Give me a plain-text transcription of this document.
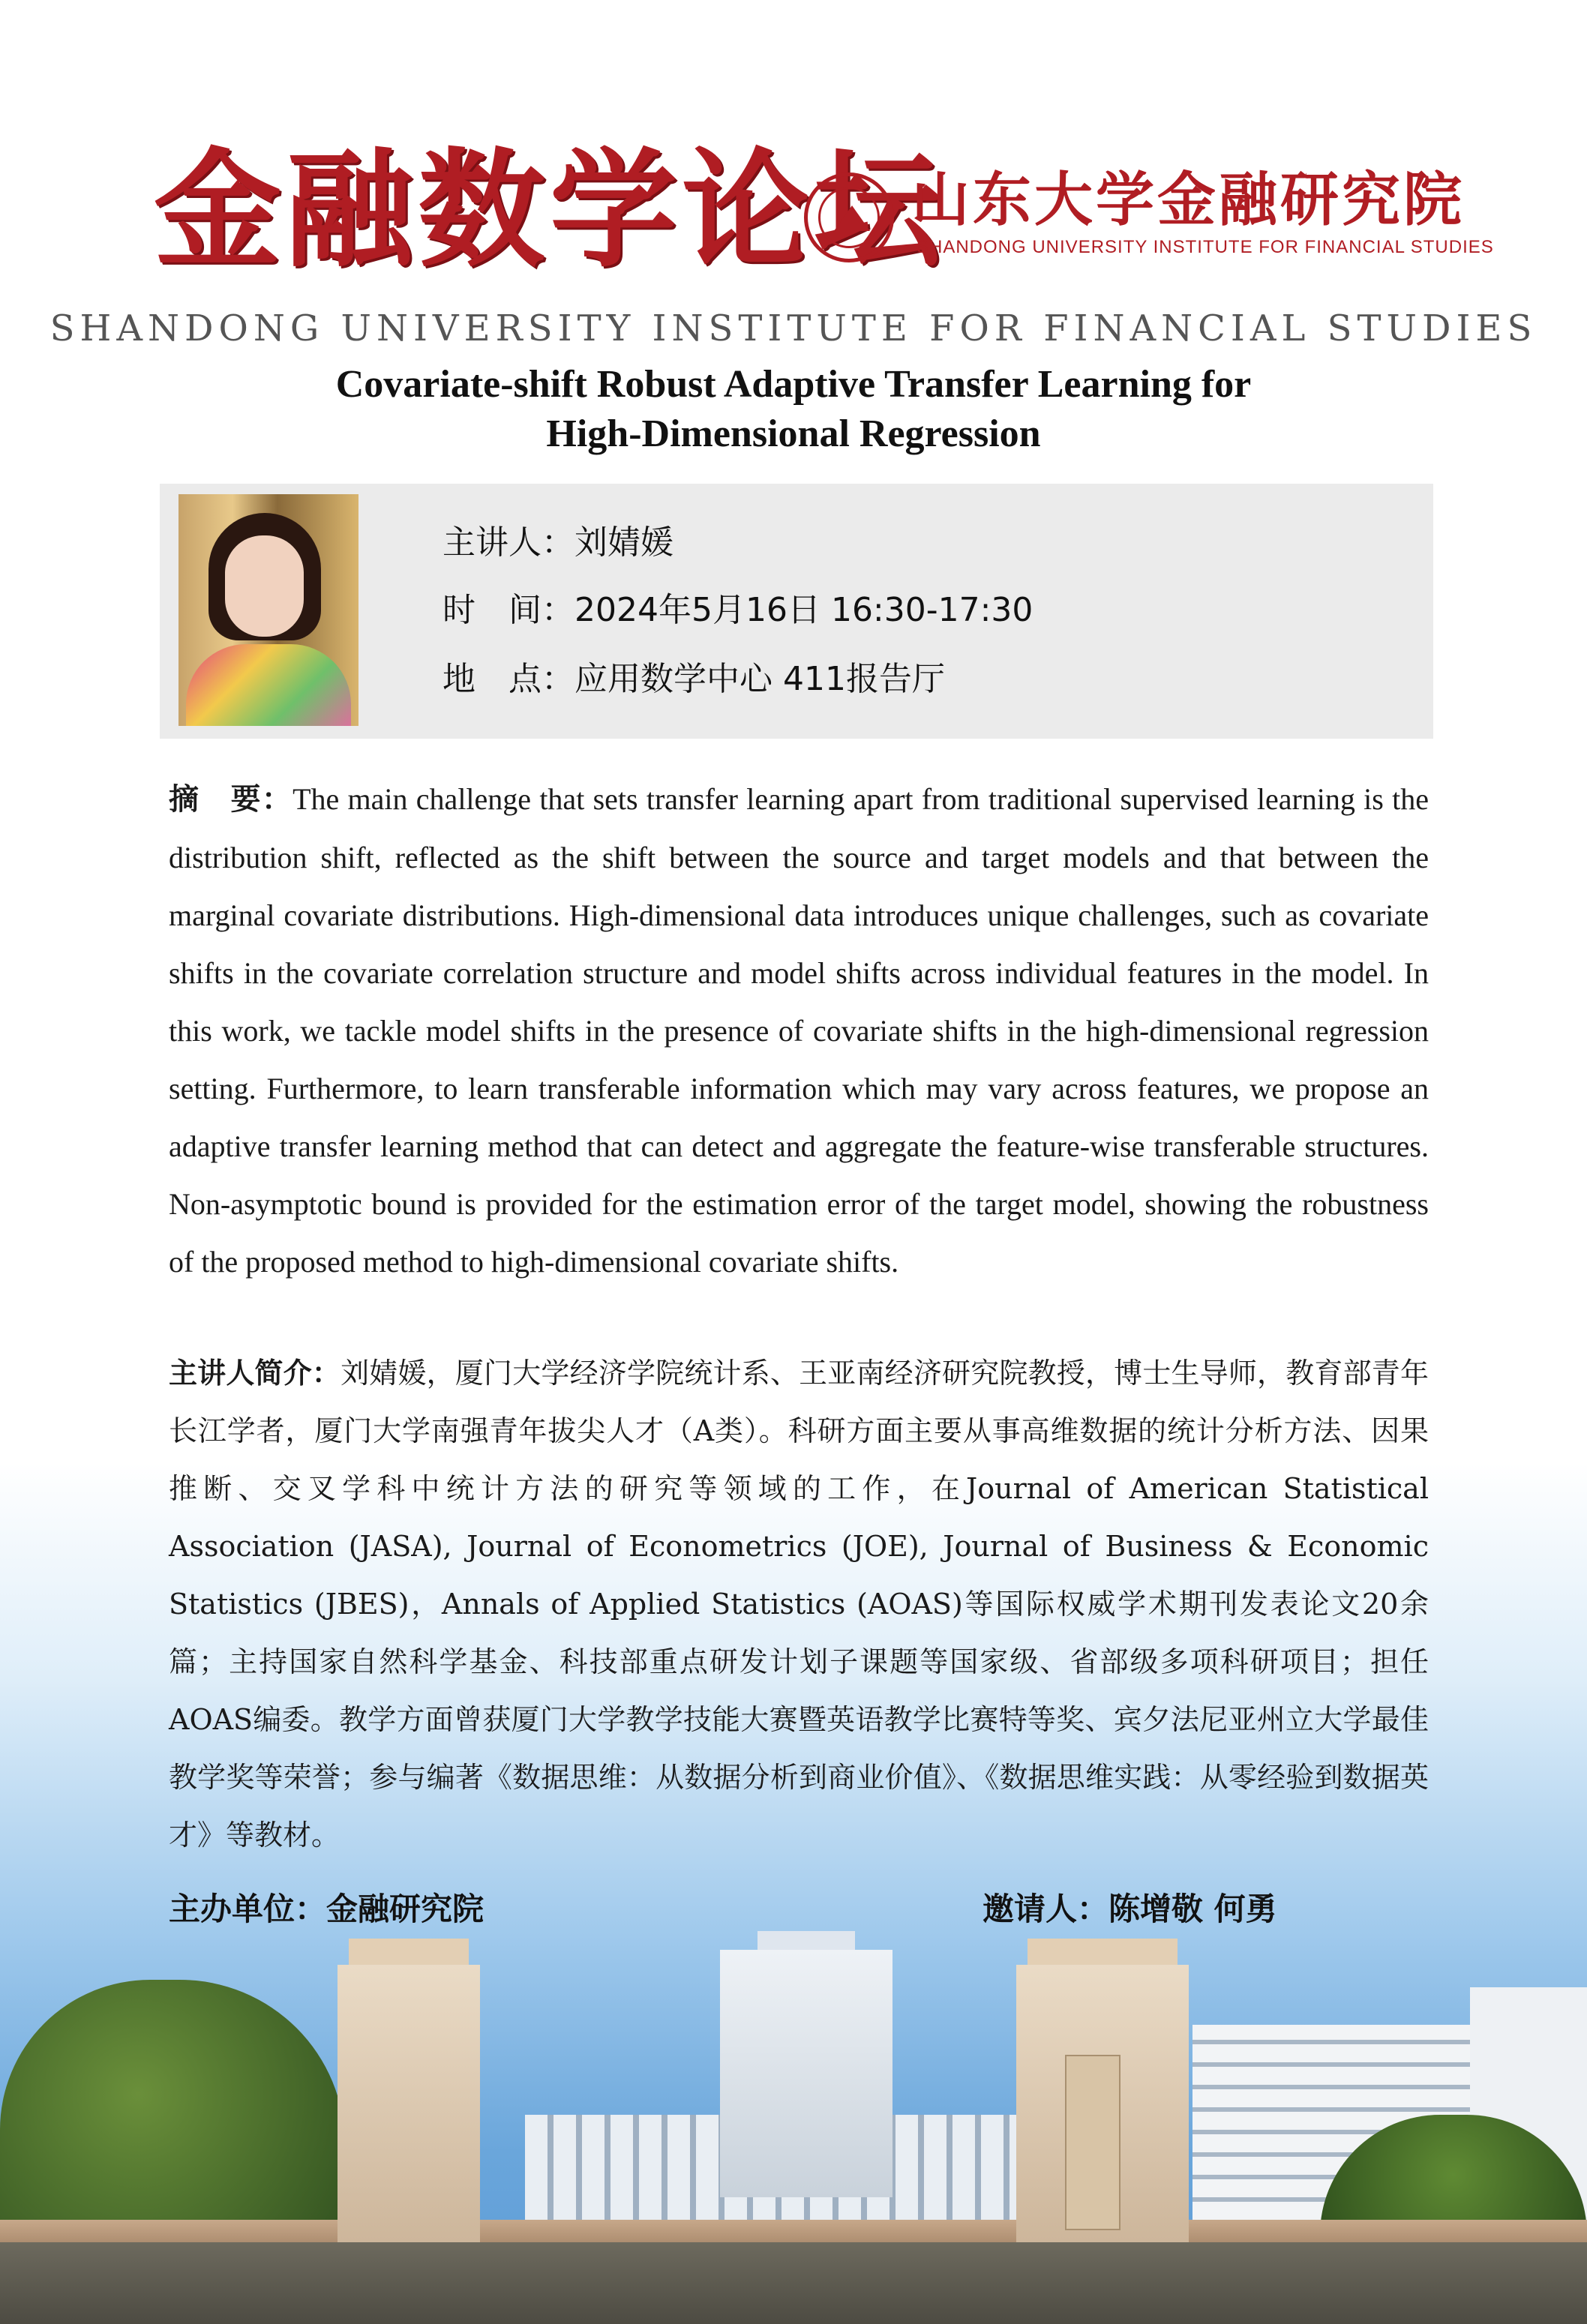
金融数学论坛
山东大学金融研究院
SHANDONG UNIVERSITY INSTITUTE FOR FINANCIAL STUDIES
SHANDONG UNIVERSITY INSTITUTE FOR FINANCIAL STUDIES
Covariate-shift Robust Adaptive Transfer Learning for
High-Dimensional Regression
主讲人：刘婧媛
时　间：2024年5月16日 16:30-17:30
地　点：应用数学中心 411报告厅
摘　要：The main challenge that sets transfer learning apart from traditional supervised learning is the distribution shift, reflected as the shift between the source and target models and that between the marginal covariate distributions. High-dimensional data introduces unique challenges, such as covariate shifts in the covariate correlation structure and model shifts across individual features in the model. In this work, we tackle model shifts in the presence of covariate shifts in the high-dimensional regression setting. Furthermore, to learn transferable information which may vary across features, we propose an adaptive transfer learning method that can detect and aggregate the feature-wise transferable structures. Non-asymptotic bound is provided for the estimation error of the target model, showing the robustness of the proposed method to high-dimensional covariate shifts.
主讲人简介：刘婧媛，厦门大学经济学院统计系、王亚南经济研究院教授，博士生导师，教育部青年长江学者，厦门大学南强青年拔尖人才（A类）。科研方面主要从事高维数据的统计分析方法、因果推断、交叉学科中统计方法的研究等领域的工作，在Journal of American Statistical Association (JASA), Journal of Econometrics (JOE), Journal of Business & Economic Statistics (JBES)，Annals of Applied Statistics (AOAS)等国际权威学术期刊发表论文20余篇；主持国家自然科学基金、科技部重点研发计划子课题等国家级、省部级多项科研项目；担任AOAS编委。教学方面曾获厦门大学教学技能大赛暨英语教学比赛特等奖、宾夕法尼亚州立大学最佳教学奖等荣誉；参与编著《数据思维：从数据分析到商业价值》、《数据思维实践：从零经验到数据英才》等教材。
主办单位：金融研究院	邀请人：陈增敬 何勇
